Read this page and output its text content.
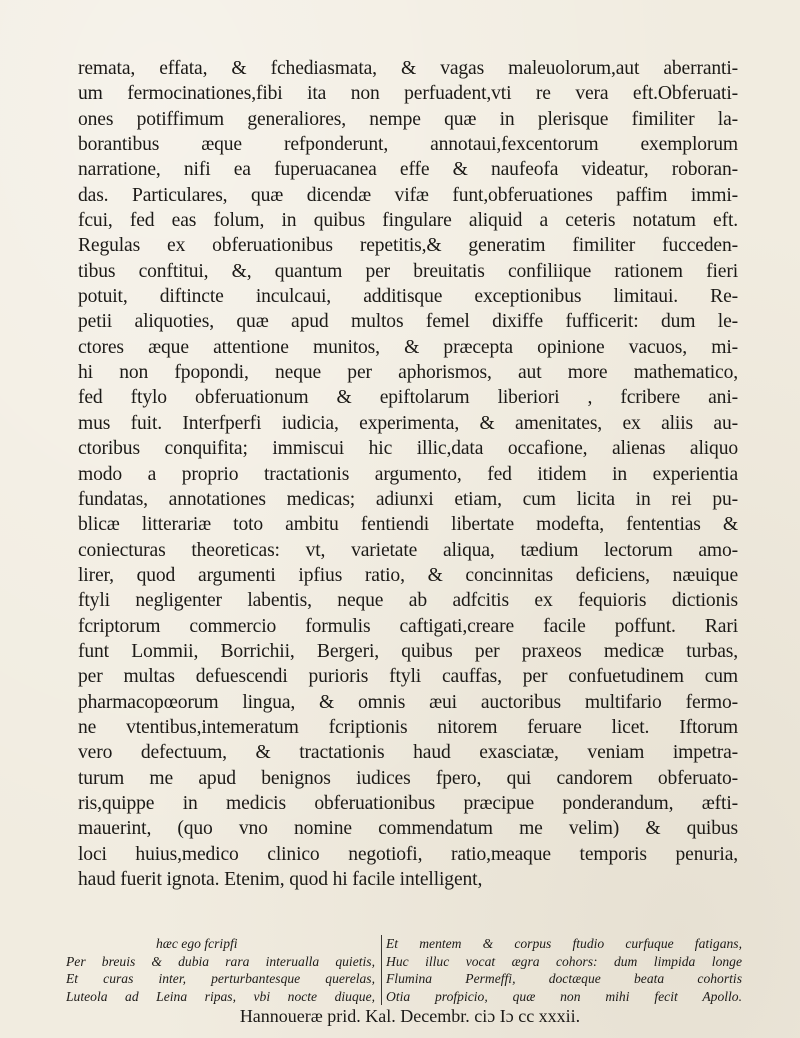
remata, effata, & fchediasmata, & vagas maleuolorum,aut aberranti-
um fermocinationes,fibi ita non perfuadent,vti re vera eft.Obferuati-
ones potiffimum generaliores, nempe quæ in plerisque fimiliter la-
borantibus æque refponderunt, annotaui,fexcentorum exemplorum
narratione, nifi ea fuperuacanea effe & naufeofa videatur, roboran-
das. Particulares, quæ dicendæ vifæ funt,obferuationes paffim immi-
fcui, fed eas folum, in quibus fingulare aliquid a ceteris notatum eft.
Regulas ex obferuationibus repetitis,& generatim fimiliter fucceden-
tibus conftitui, &, quantum per breuitatis confiliique rationem fieri
potuit, diftincte inculcaui, additisque exceptionibus limitaui. Re-
petii aliquoties, quæ apud multos femel dixiffe fufficerit: dum le-
ctores æque attentione munitos, & præcepta opinione vacuos, mi-
hi non fpopondi, neque per aphorismos, aut more mathematico,
fed ftylo obferuationum & epiftolarum liberiori , fcribere ani-
mus fuit. Interfperfi iudicia, experimenta, & amenitates, ex aliis au-
ctoribus conquifita; immiscui hic illic,data occafione, alienas aliquo
modo a proprio tractationis argumento, fed itidem in experientia
fundatas, annotationes medicas; adiunxi etiam, cum licita in rei pu-
blicæ litterariæ toto ambitu fentiendi libertate modefta, fententias &
coniecturas theoreticas: vt, varietate aliqua, tædium lectorum amo-
lirer, quod argumenti ipfius ratio, & concinnitas deficiens, næuique
ftyli negligenter labentis, neque ab adfcitis ex fequioris dictionis
fcriptorum commercio formulis caftigati,creare facile poffunt. Rari
funt Lommii, Borrichii, Bergeri, quibus per praxeos medicæ turbas,
per multas defuescendi purioris ftyli cauffas, per confuetudinem cum
pharmacopœorum lingua, & omnis æui auctoribus multifario fermo-
ne vtentibus,intemeratum fcriptionis nitorem feruare licet. Iftorum
vero defectuum, & tractationis haud exasciatæ, veniam impetra-
turum me apud benignos iudices fpero, qui candorem obferuato-
ris,quippe in medicis obferuationibus præcipue ponderandum, æfti-
mauerint, (quo vno nomine commendatum me velim) & quibus
loci huius,medico clinico negotiofi, ratio,meaque temporis penuria,
haud fuerit ignota. Etenim, quod hi facile intelligent,
hæc ego fcripfi	Et mentem & corpus ftudio curfuque fatigans,
Per breuis & dubia rara interualla quietis, Huc illuc vocat ægra cohors: dum limpida longe
Et curas inter, perturbantesque querelas, Flumina Permeffi, doctæque beata cohortis
Luteola ad Leina ripas, vbi nocte diuque, Otia profpicio, quæ non mihi fecit Apollo.
Hannoueræ prid. Kal. Decembr. ciɔ Iɔ cc xxxii.
